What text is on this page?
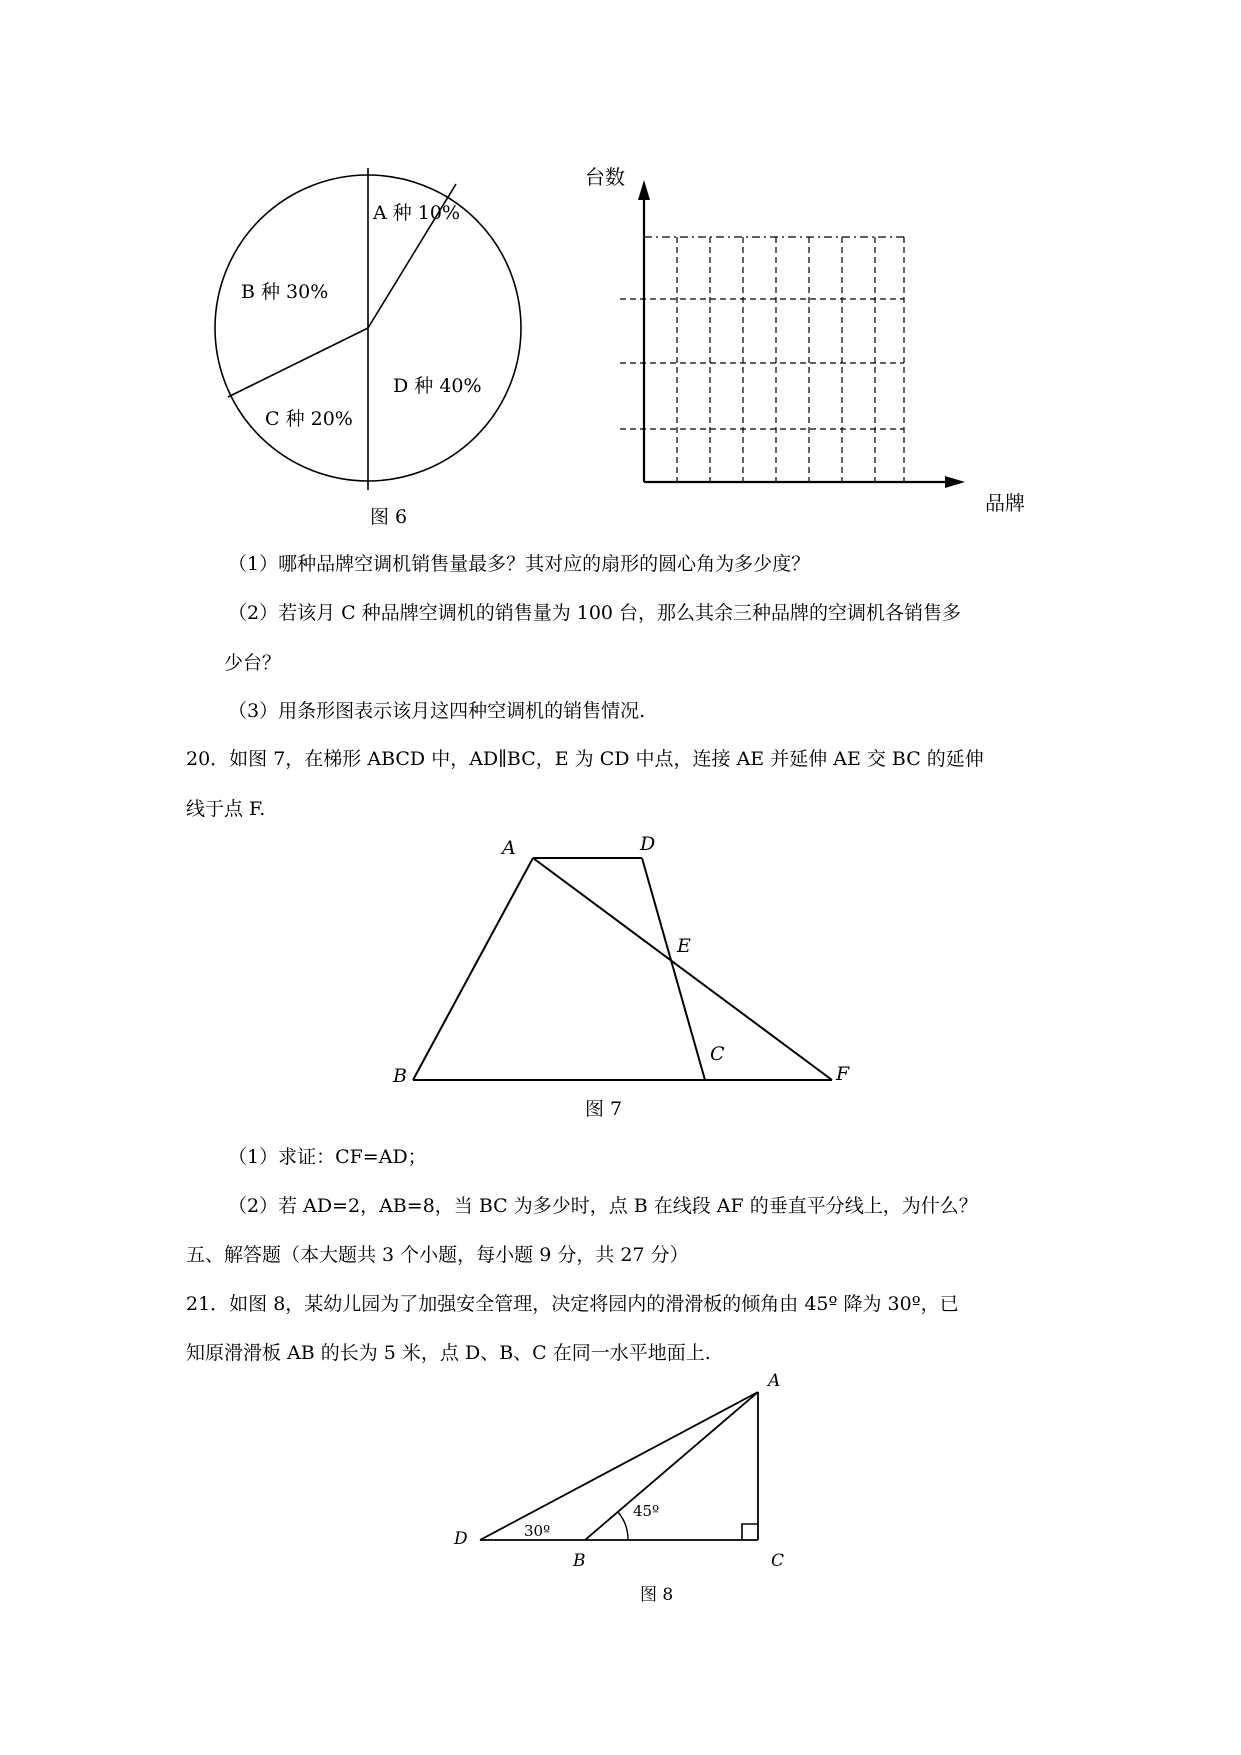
A 种 10%
D 种 40%
C 种 20%
B 种 30%
图 6
台数
品牌
（1）哪种品牌空调机销售量最多？其对应的扇形的圆心角为多少度？
（2）若该月 C 种品牌空调机的销售量为 100 台，那么其余三种品牌的空调机各销售多
少台？
（3）用条形图表示该月这四种空调机的销售情况.
20．如图 7，在梯形 ABCD 中，AD∥BC，E 为 CD 中点，连接 AE 并延伸 AE 交 BC 的延伸
线于点 F.
A	D
E
B
C
F
图 7
（1）求证：CF=AD；
（2）若 AD=2，AB=8，当 BC 为多少时，点 B 在线段 AF 的垂直平分线上，为什么？
五、解答题（本大题共 3 个小题，每小题 9 分，共 27 分）
21．如图 8，某幼儿园为了加强安全管理，决定将园内的滑滑板的倾角由 45º 降为 30º，已
知原滑滑板 AB 的长为 5 米，点 D、B、C 在同一水平地面上.
30º
45º
A
D
B	C
图 8
